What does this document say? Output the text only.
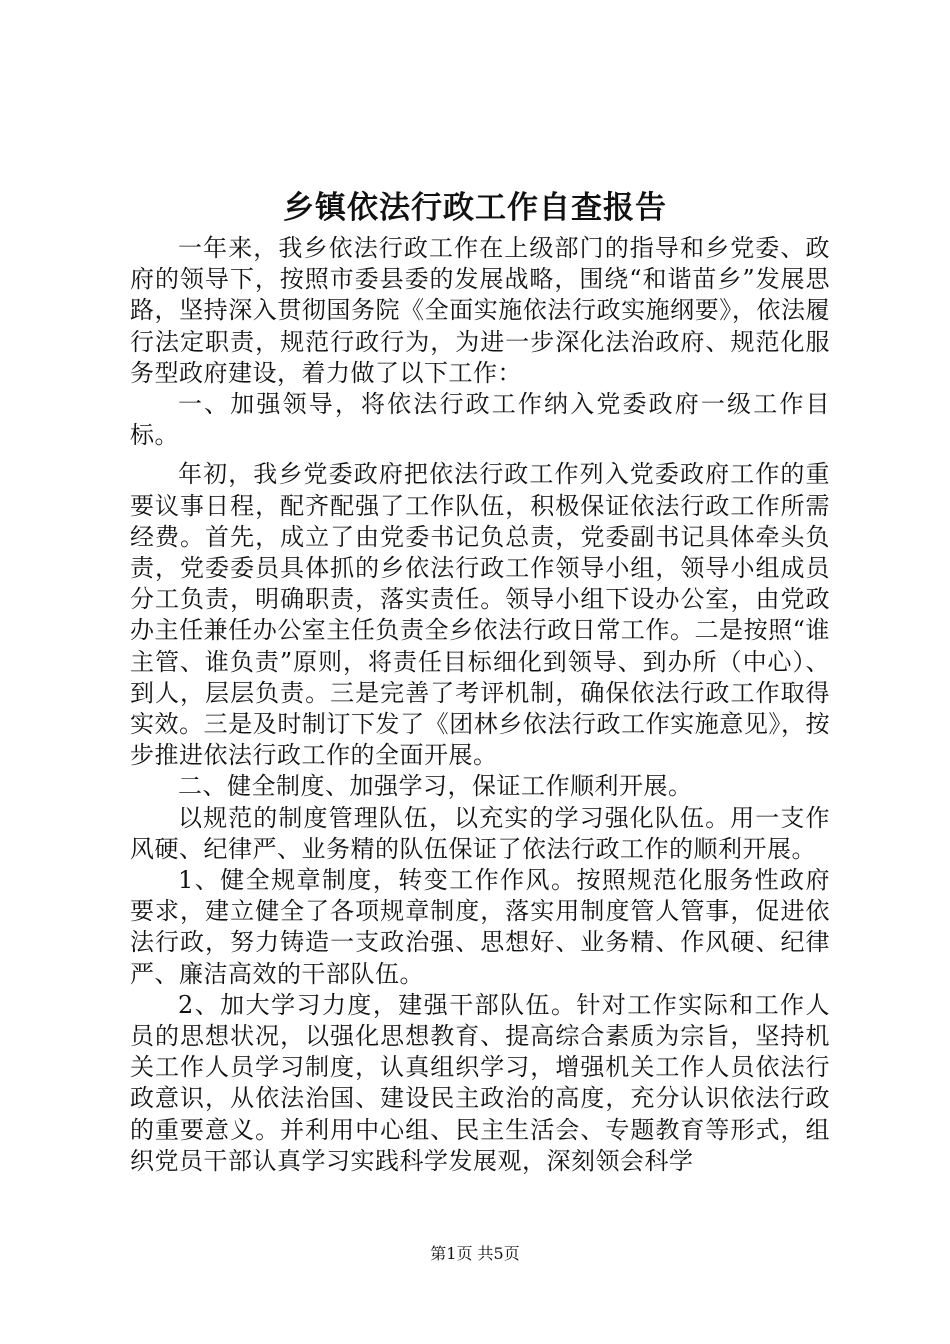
乡镇依法行政工作自查报告

一年来，我乡依法行政工作在上级部门的指导和乡党委、政府的领导下，按照市委县委的发展战略，围绕“和谐苗乡”发展思路，坚持深入贯彻国务院《全面实施依法行政实施纲要》，依法履行法定职责，规范行政行为，为进一步深化法治政府、规范化服务型政府建设，着力做了以下工作：

一、加强领导，将依法行政工作纳入党委政府一级工作目标。

年初，我乡党委政府把依法行政工作列入党委政府工作的重要议事日程，配齐配强了工作队伍，积极保证依法行政工作所需经费。首先，成立了由党委书记负总责，党委副书记具体牵头负责，党委委员具体抓的乡依法行政工作领导小组，领导小组成员分工负责，明确职责，落实责任。领导小组下设办公室，由党政办主任兼任办公室主任负责全乡依法行政日常工作。二是按照“谁主管、谁负责”原则，将责任目标细化到领导、到办所（中心）、到人，层层负责。三是完善了考评机制，确保依法行政工作取得实效。三是及时制订下发了《团林乡依法行政工作实施意见》，按步推进依法行政工作的全面开展。

二、健全制度、加强学习，保证工作顺利开展。

以规范的制度管理队伍，以充实的学习强化队伍。用一支作风硬、纪律严、业务精的队伍保证了依法行政工作的顺利开展。

1、健全规章制度，转变工作作风。按照规范化服务性政府要求，建立健全了各项规章制度，落实用制度管人管事，促进依法行政，努力铸造一支政治强、思想好、业务精、作风硬、纪律严、廉洁高效的干部队伍。

2、加大学习力度，建强干部队伍。针对工作实际和工作人员的思想状况，以强化思想教育、提高综合素质为宗旨，坚持机关工作人员学习制度，认真组织学习，增强机关工作人员依法行政意识，从依法治国、建设民主政治的高度，充分认识依法行政的重要意义。并利用中心组、民主生活会、专题教育等形式，组织党员干部认真学习实践科学发展观，深刻领会科学

第1页 共5页
